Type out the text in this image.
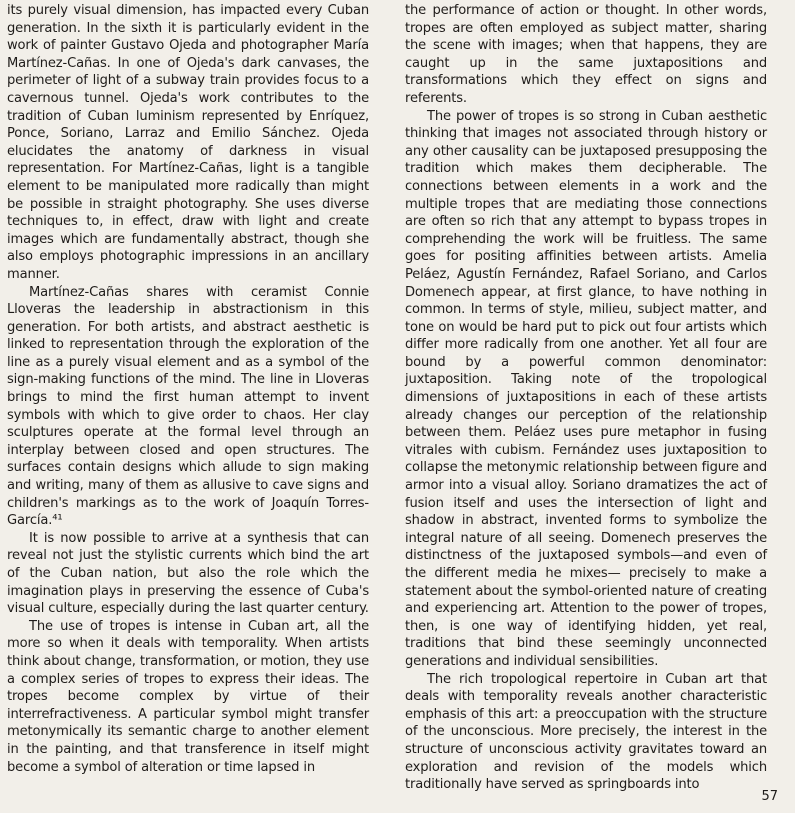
its purely visual dimension, has impacted every Cuban generation. In the sixth it is particularly evident in the work of painter Gustavo Ojeda and photographer María Martínez-Cañas. In one of Ojeda's dark canvases, the perimeter of light of a subway train provides focus to a cavernous tunnel. Ojeda's work contributes to the tradition of Cuban luminism represented by Enríquez, Ponce, Soriano, Larraz and Emilio Sánchez. Ojeda elucidates the anatomy of darkness in visual representation. For Martínez-Cañas, light is a tangible element to be manipulated more radically than might be possible in straight photography. She uses diverse techniques to, in effect, draw with light and create images which are fundamentally abstract, though she also employs photographic impressions in an ancillary manner.

Martínez-Cañas shares with ceramist Connie Lloveras the leadership in abstractionism in this generation. For both artists, and abstract aesthetic is linked to representation through the exploration of the line as a purely visual element and as a symbol of the sign-making functions of the mind. The line in Lloveras brings to mind the first human attempt to invent symbols with which to give order to chaos. Her clay sculptures operate at the formal level through an interplay between closed and open structures. The surfaces contain designs which allude to sign making and writing, many of them as allusive to cave signs and children's markings as to the work of Joaquín Torres-García.⁴¹

It is now possible to arrive at a synthesis that can reveal not just the stylistic currents which bind the art of the Cuban nation, but also the role which the imagination plays in preserving the essence of Cuba's visual culture, especially during the last quarter century.

The use of tropes is intense in Cuban art, all the more so when it deals with temporality. When artists think about change, transformation, or motion, they use a complex series of tropes to express their ideas. The tropes become complex by virtue of their interrefractiveness. A particular symbol might transfer metonymically its semantic charge to another element in the painting, and that transference in itself might become a symbol of alteration or time lapsed in

the performance of action or thought. In other words, tropes are often employed as subject matter, sharing the scene with images; when that happens, they are caught up in the same juxtapositions and transformations which they effect on signs and referents.

The power of tropes is so strong in Cuban aesthetic thinking that images not associated through history or any other causality can be juxtaposed presupposing the tradition which makes them decipherable. The connections between elements in a work and the multiple tropes that are mediating those connections are often so rich that any attempt to bypass tropes in comprehending the work will be fruitless. The same goes for positing affinities between artists. Amelia Peláez, Agustín Fernández, Rafael Soriano, and Carlos Domenech appear, at first glance, to have nothing in common. In terms of style, milieu, subject matter, and tone on would be hard put to pick out four artists which differ more radically from one another. Yet all four are bound by a powerful common denominator: juxtaposition. Taking note of the tropological dimensions of juxtapositions in each of these artists already changes our perception of the relationship between them. Peláez uses pure metaphor in fusing vitrales with cubism. Fernández uses juxtaposition to collapse the metonymic relationship between figure and armor into a visual alloy. Soriano dramatizes the act of fusion itself and uses the intersection of light and shadow in abstract, invented forms to symbolize the integral nature of all seeing. Domenech preserves the distinctness of the juxtaposed symbols—and even of the different media he mixes— precisely to make a statement about the symbol-oriented nature of creating and experiencing art. Attention to the power of tropes, then, is one way of identifying hidden, yet real, traditions that bind these seemingly unconnected generations and individual sensibilities.

The rich tropological repertoire in Cuban art that deals with temporality reveals another characteristic emphasis of this art: a preoccupation with the structure of the unconscious. More precisely, the interest in the structure of unconscious activity gravitates toward an exploration and revision of the models which traditionally have served as springboards into

57
